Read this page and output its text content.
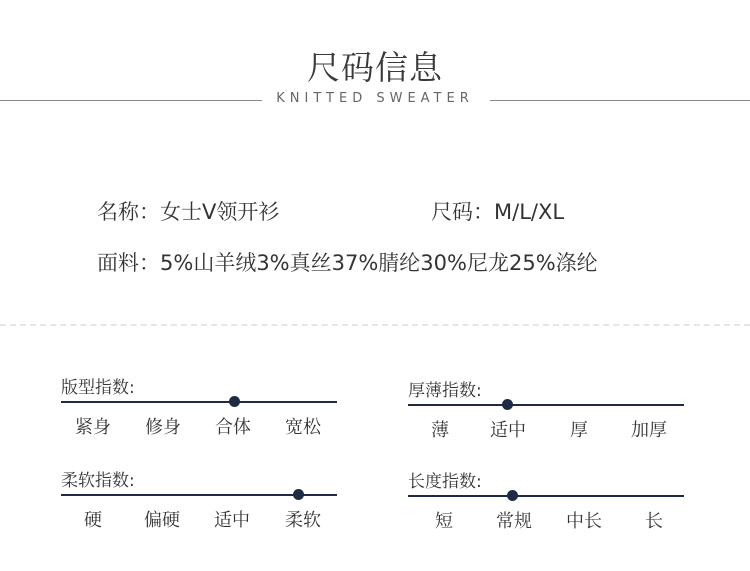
尺码信息
KNITTED SWEATER
名称：女士V领开衫	尺码：M/L/XL
面料：5%山羊绒3%真丝37%腈纶30%尼龙25%涤纶
版型指数:
紧身	修身	合体	宽松
厚薄指数:
薄	适中	厚	加厚
柔软指数:
硬	偏硬	适中	柔软
长度指数:
短	常规	中长	长
